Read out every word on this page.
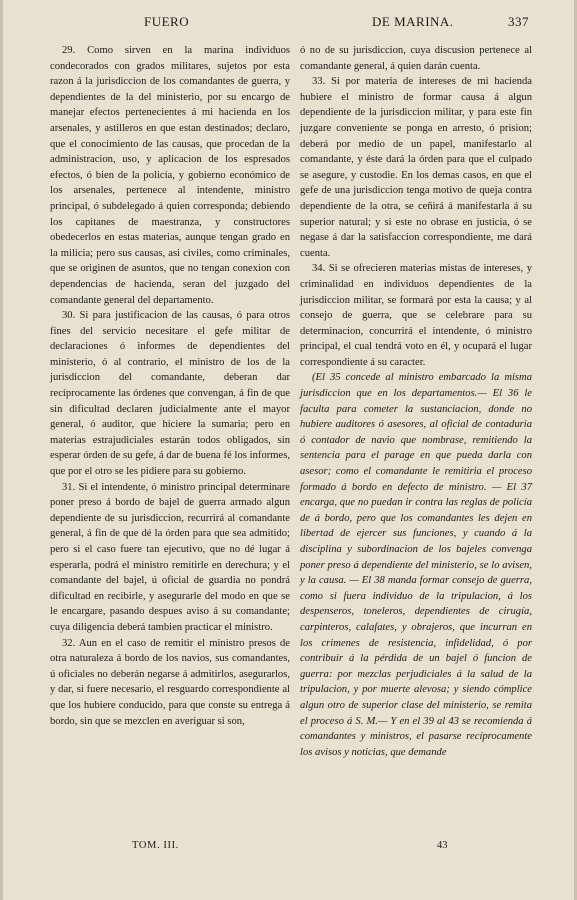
FUERO	DE MARINA.	337

29. Como sirven en la marina individuos condecorados con grados militares, sujetos por esta razon á la jurisdiccion de los comandantes de guerra, y dependientes de la del ministerio, por su encargo de manejar efectos pertenecientes á mi hacienda en los arsenales, y astilleros en que estan destinados; declaro, que el conocimiento de las causas, que procedan de la administracion, uso, y aplicacion de los espresados efectos, ó bien de la policía, y gobierno económico de los arsenales, pertenece al intendente, ministro principal, ó subdelegado á quien corresponda; debiendo los capitanes de maestranza, y constructores obedecerlos en estas materias, aunque tengan grado en la milicia; pero sus causas, asi civiles, como criminales, que se originen de asuntos, que no tengan conexion con dependencias de hacienda, seran del juzgado del comandante general del departamento.

30. Si para justificacion de las causas, ó para otros fines del servicio necesitare el gefe militar de declaraciones ó informes de dependientes del ministerio, ó al contrario, el ministro de los de la jurisdiccion del comandante, deberan dar recíprocamente las órdenes que convengan, á fin de que sin dificultad declaren judicialmente ante el mayor general, ó auditor, que hiciere la sumaria; pero en materias estrajudiciales estarán todos obligados, sin esperar órden de su gefe, á dar de buena fé los informes, que por el otro se les pidiere para su gobierno.

31. Si el intendente, ó ministro principal determinare poner preso á bordo de bajel de guerra armado algun dependiente de su jurisdiccion, recurrirá al comandante general, á fin de que dé la órden para que sea admitido; pero si el caso fuere tan ejecutivo, que no dé lugar á esperarla, podrá el ministro remitirle en derechura; y el comandante del bajel, ú oficial de guardia no pondrá dificultad en recibirle, y asegurarle del modo en que se le encargare, pasando despues aviso á su comandante; cuya diligencia deberá tambien practicar el ministro.

32. Aun en el caso de remitir el ministro presos de otra naturaleza á bordo de los navios, sus comandantes, ú oficiales no deberán negarse á admitirlos, asegurarlos, y dar, si fuere necesario, el resguardo correspondiente al que los hubiere conducido, para que conste su entrega á bordo, sin que se mezclen en averiguar si son,

ó no de su jurisdiccion, cuya discusion pertenece al comandante general, á quien darán cuenta.

33. Si por materia de intereses de mi hacienda hubiere el ministro de formar causa á algun dependiente de la jurisdiccion militar, y para este fin juzgare conveniente se ponga en arresto, ó prision; deberá por medio de un papel, manifestarlo al comandante, y éste dará la órden para que el culpado se asegure, y custodie. En los demas casos, en que el gefe de una jurisdiccion tenga motivo de queja contra dependiente de la otra, se ceñirá á manifestarla á su superior natural; y si este no obrase en justicia, ó se negase á dar la satisfaccion correspondiente, me dará cuenta.

34. Si se ofrecieren materias mistas de intereses, y criminalidad en individuos dependientes de la jurisdiccion militar, se formará por esta la causa; y al consejo de guerra, que se celebrare para su determinacion, concurrirá el intendente, ó ministro principal, el cual tendrá voto en él, y ocupará el lugar correspondiente á su caracter.

(El 35 concede al ministro embarcado la misma jurisdiccion que en los departamentos.— El 36 le faculta para cometer la sustanciacion, donde no hubiere auditores ó asesores, al oficial de contaduria ó contador de navio que nombrase, remitiendo la sentencia para el parage en que pueda darla con asesor; como el comandante le remitiria el proceso formado á bordo en defecto de ministro. — El 37 encarga, que no puedan ir contra las reglas de policía de á bordo, pero que los comandantes les dejen en libertad de ejercer sus funciones, y cuando á la disciplina y subordinacion de los bajeles convenga poner preso á dependiente del ministerio, se lo avisen, y la causa. — El 38 manda formar consejo de guerra, como si fuera individuo de la tripulacion, á los despenseros, toneleros, dependientes de cirugía, carpinteros, calafates, y obrajeros, que incurran en los crimenes de resistencia, infidelidad, ó por contribuir á la pérdida de un bajel ó funcion de guerra: por mezclas perjudiciales á la salud de la tripulacion, y por muerte alevosa; y siendo cómplice algun otro de superior clase del ministerio, se remita el proceso á S. M.— Y en el 39 al 43 se recomienda á comandantes y ministros, el pasarse recíprocamente los avisos y noticias, que demande

TOM. III.	43
